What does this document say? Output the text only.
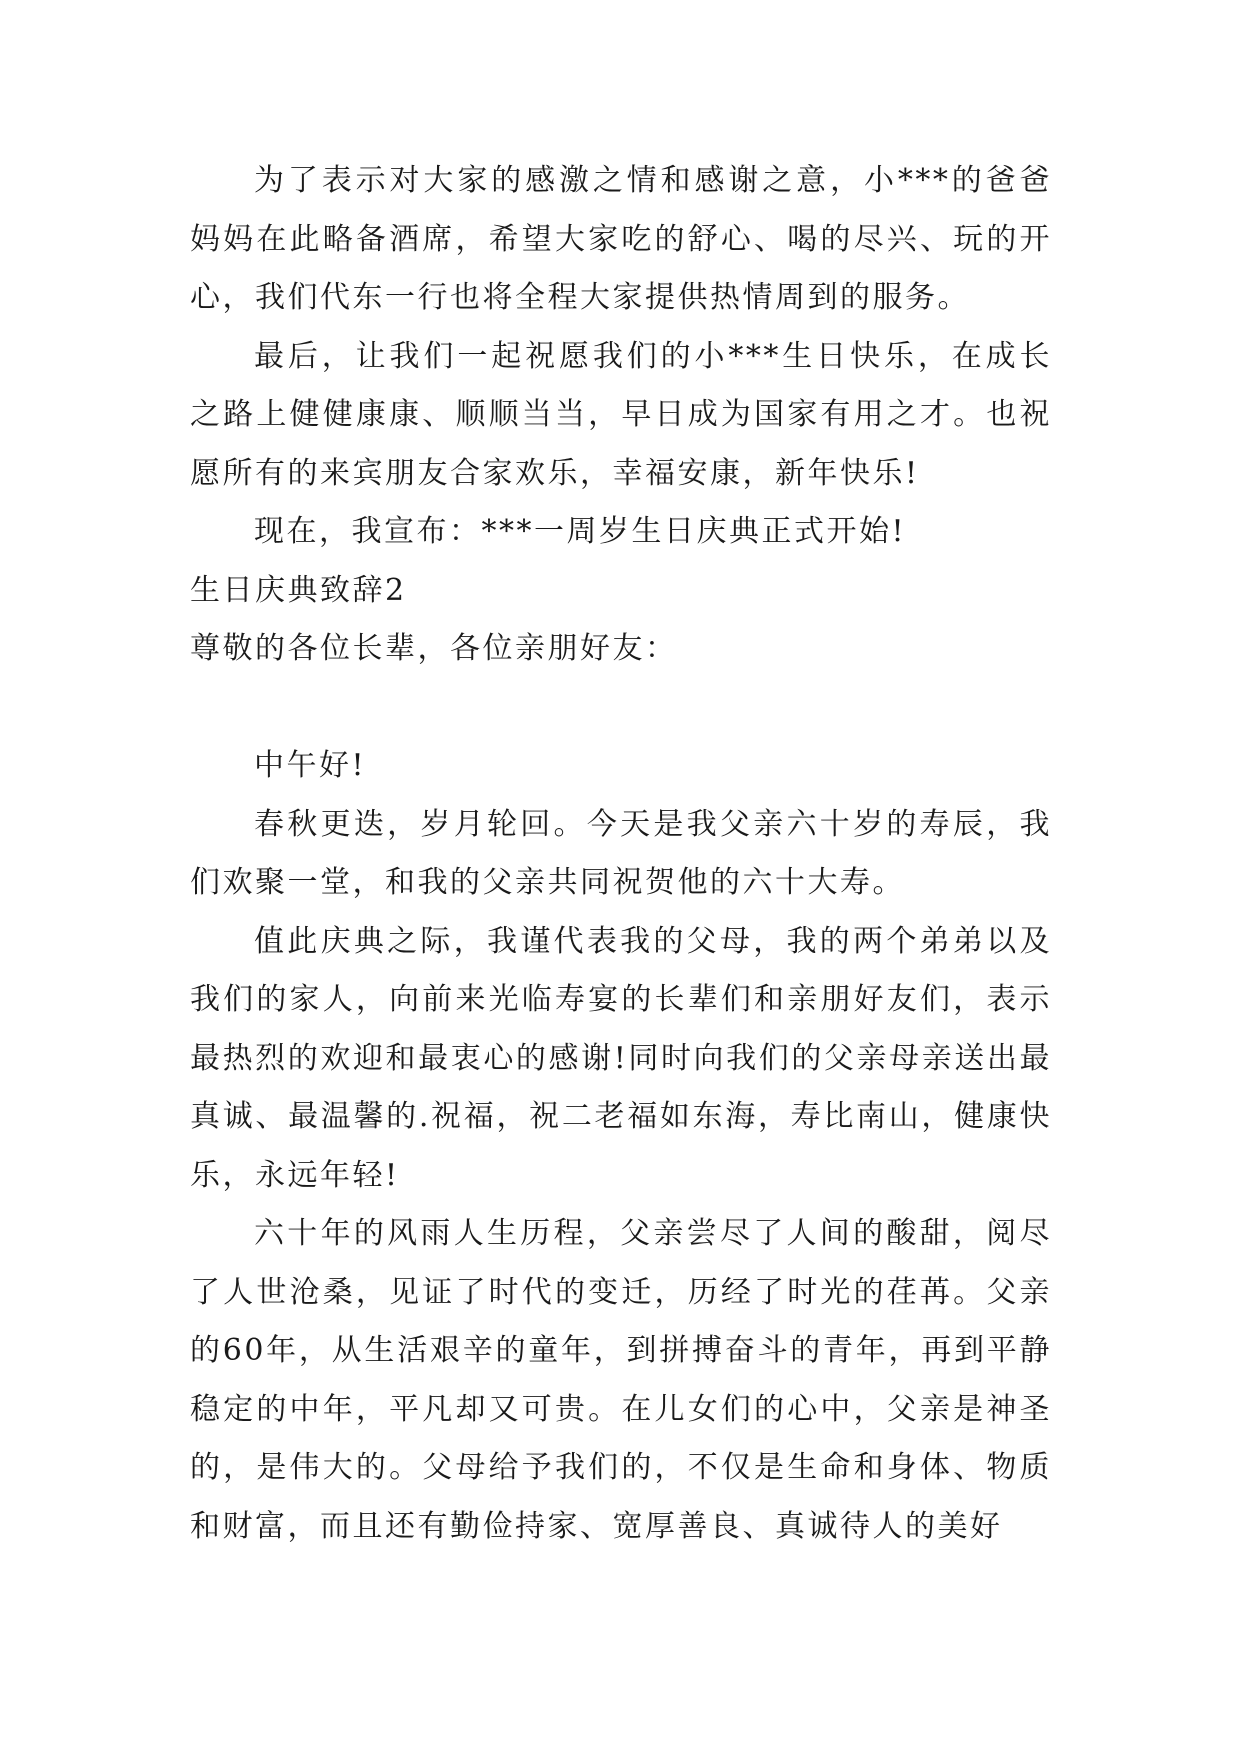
为了表示对大家的感激之情和感谢之意，小***的爸爸妈妈在此略备酒席，希望大家吃的舒心、喝的尽兴、玩的开心，我们代东一行也将全程大家提供热情周到的服务。

最后，让我们一起祝愿我们的小***生日快乐，在成长之路上健健康康、顺顺当当，早日成为国家有用之才。也祝愿所有的来宾朋友合家欢乐，幸福安康，新年快乐!

现在，我宣布：***一周岁生日庆典正式开始!

生日庆典致辞2

尊敬的各位长辈，各位亲朋好友：

中午好!

春秋更迭，岁月轮回。今天是我父亲六十岁的寿辰，我们欢聚一堂，和我的父亲共同祝贺他的六十大寿。

值此庆典之际，我谨代表我的父母，我的两个弟弟以及我们的家人，向前来光临寿宴的长辈们和亲朋好友们，表示最热烈的欢迎和最衷心的感谢!同时向我们的父亲母亲送出最真诚、最温馨的.祝福，祝二老福如东海，寿比南山，健康快乐，永远年轻!

六十年的风雨人生历程，父亲尝尽了人间的酸甜，阅尽了人世沧桑，见证了时代的变迁，历经了时光的荏苒。父亲的60年，从生活艰辛的童年，到拼搏奋斗的青年，再到平静稳定的中年，平凡却又可贵。在儿女们的心中，父亲是神圣的，是伟大的。父母给予我们的，不仅是生命和身体、物质和财富，而且还有勤俭持家、宽厚善良、真诚待人的美好
